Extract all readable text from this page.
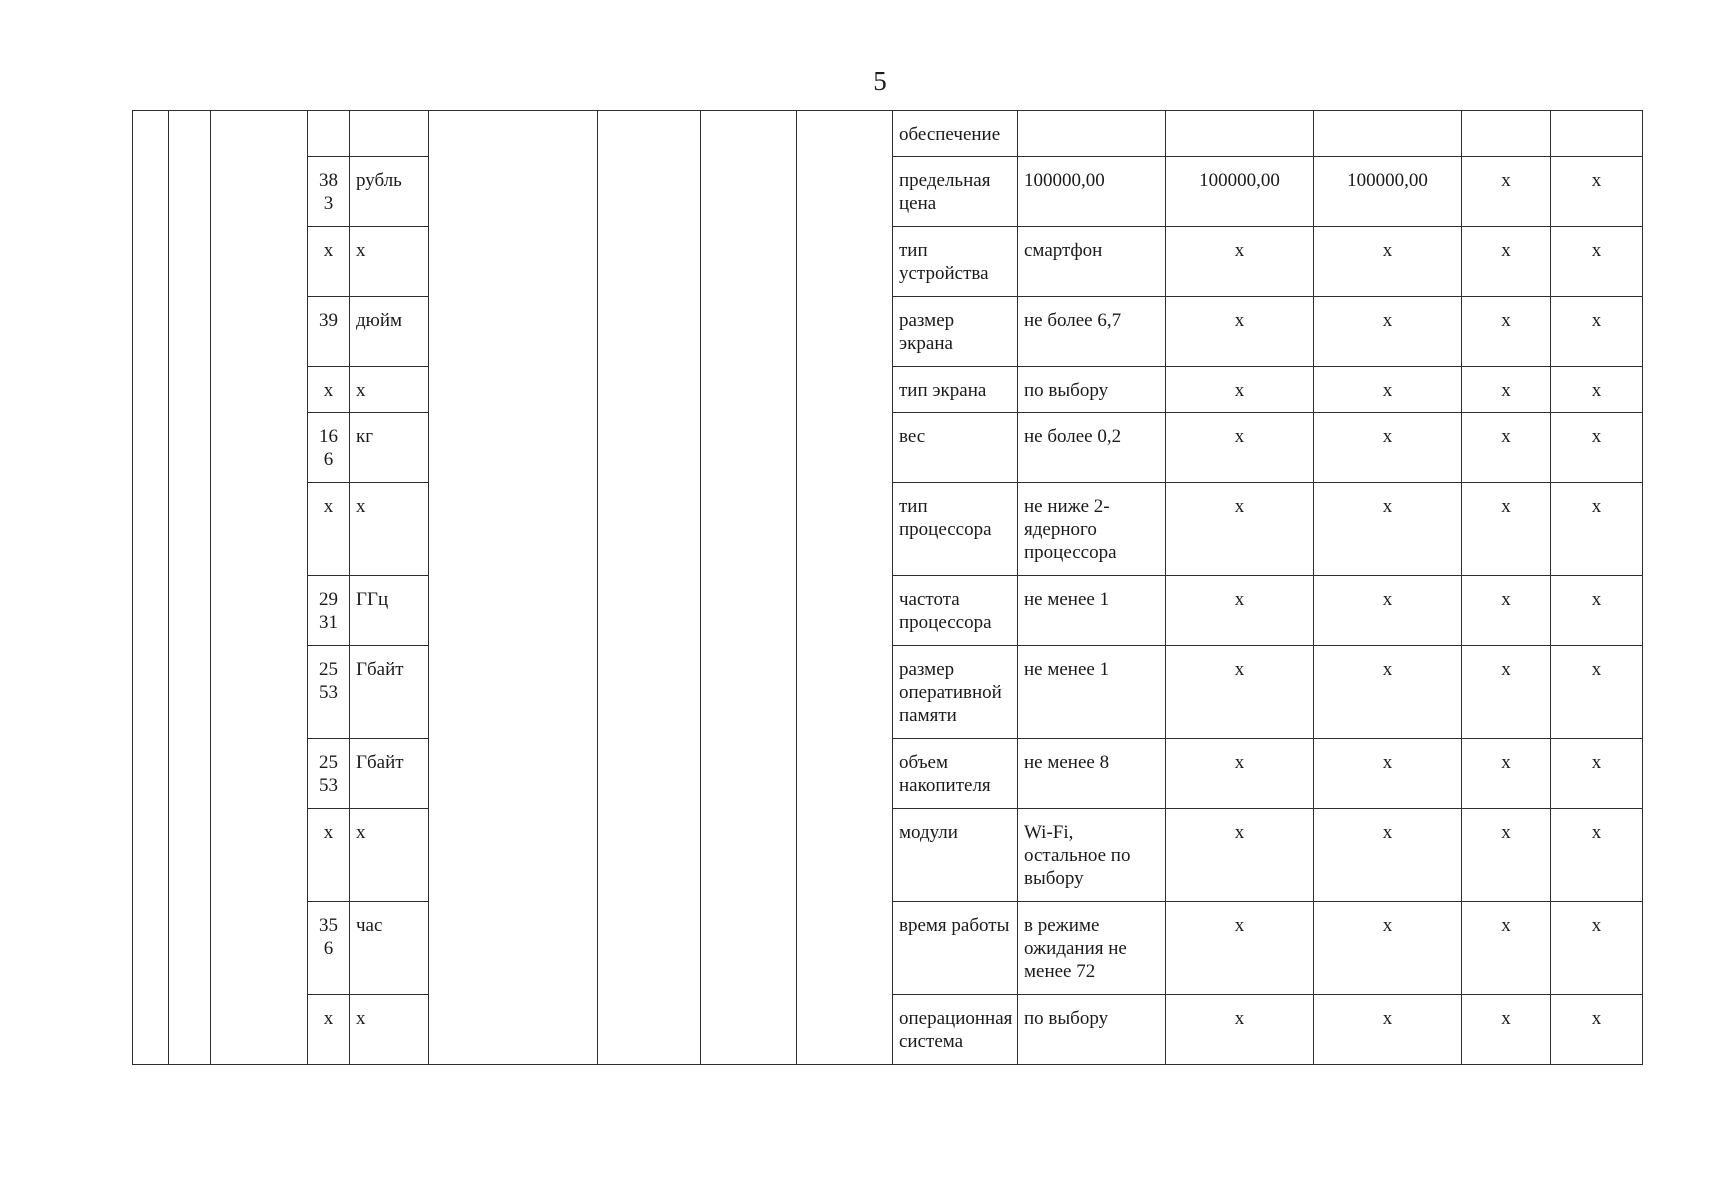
5
									обеспечение					
			38 3	рубль					предельная цена	100000,00	100000,00	100000,00	x	x
			x	x					тип устройства	смартфон	x	x	x	x
			39	дюйм					размер экрана	не более 6,7	x	x	x	x
			x	x					тип экрана	по выбору	x	x	x	x
			16 6	кг					вес	не более 0,2	x	x	x	x
			x	x					тип процессора	не ниже 2-ядерного процессора	x	x	x	x
			29 31	ГГц					частота процессора	не менее 1	x	x	x	x
			25 53	Гбайт					размер оперативной памяти	не менее 1	x	x	x	x
			25 53	Гбайт					объем накопителя	не менее 8	x	x	x	x
			x	x					модули	Wi-Fi, остальное по выбору	x	x	x	x
			35 6	час					время работы	в режиме ожидания не менее 72	x	x	x	x
			x	x					операционная система	по выбору	x	x	x	x
